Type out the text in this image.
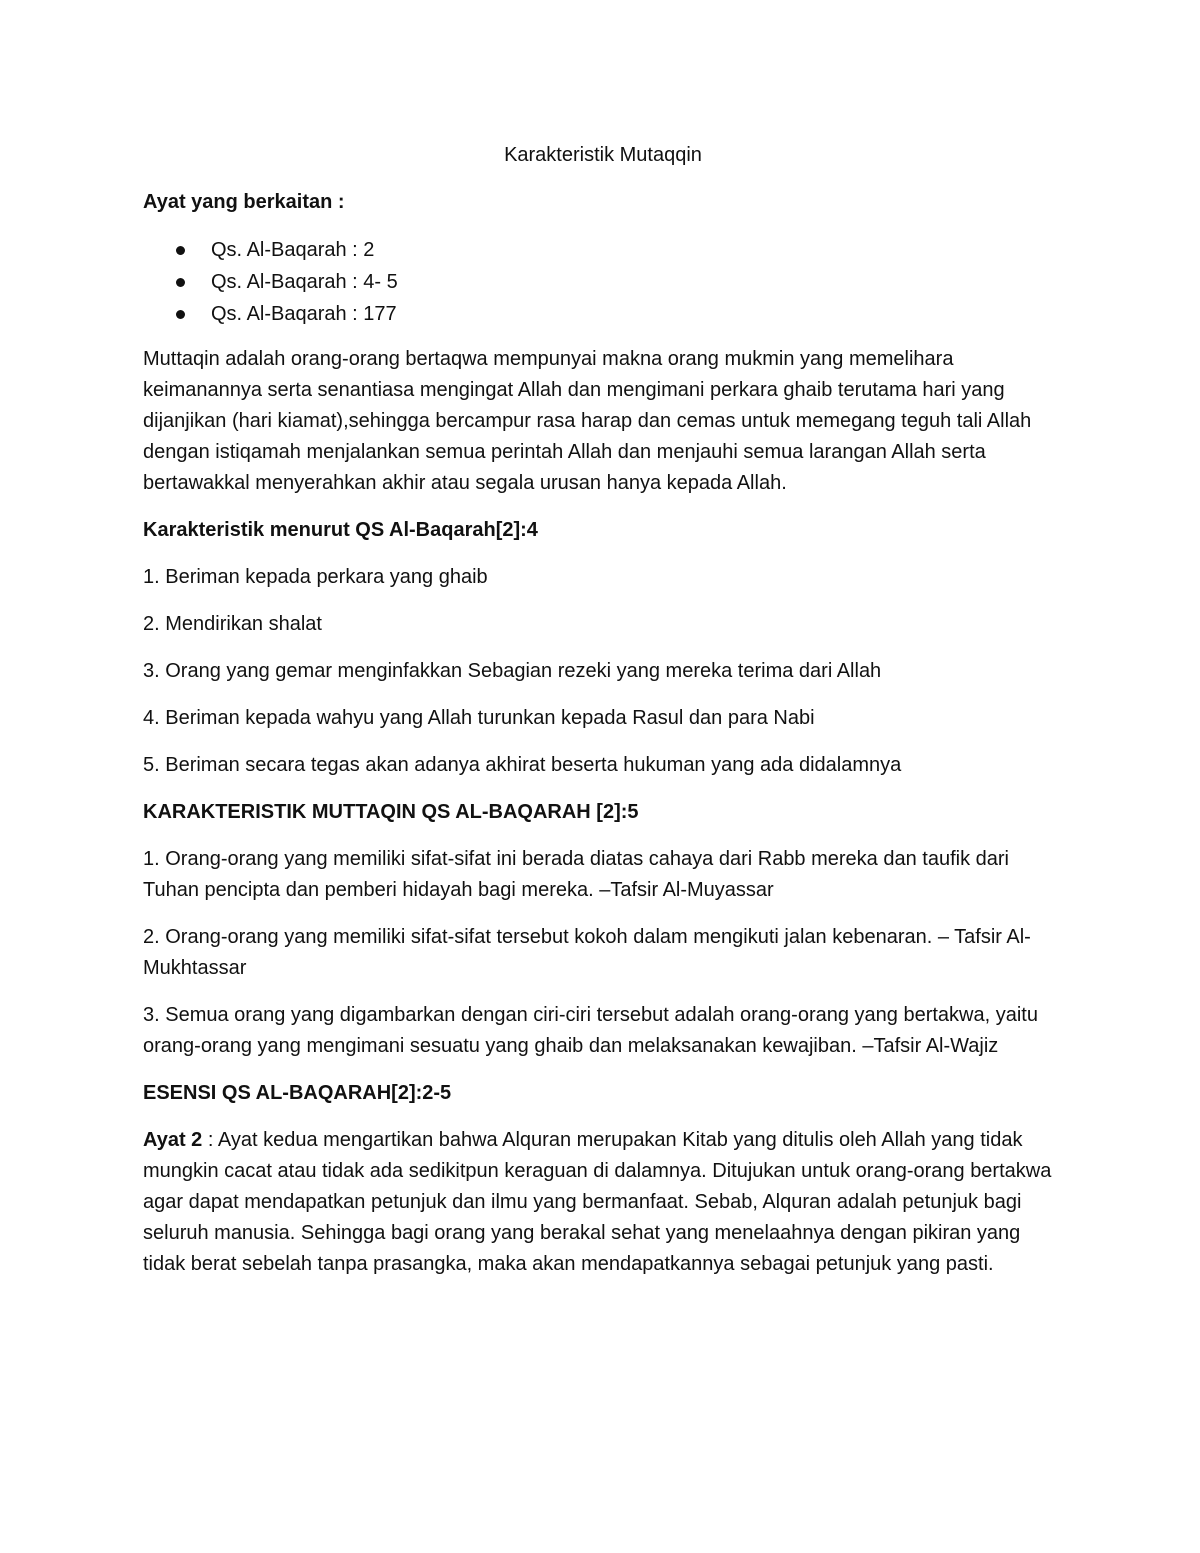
Karakteristik Mutaqqin
Ayat yang berkaitan :
Qs. Al-Baqarah : 2
Qs. Al-Baqarah : 4- 5
Qs. Al-Baqarah : 177

Muttaqin adalah orang-orang bertaqwa mempunyai makna orang mukmin yang memelihara keimanannya serta senantiasa mengingat Allah dan mengimani perkara ghaib terutama hari yang dijanjikan (hari kiamat),sehingga bercampur rasa harap dan cemas untuk memegang teguh tali Allah dengan istiqamah menjalankan semua perintah Allah dan menjauhi semua larangan Allah serta bertawakkal menyerahkan akhir atau segala urusan hanya kepada Allah.

Karakteristik menurut QS Al-Baqarah[2]:4

1. Beriman kepada perkara yang ghaib

2. Mendirikan shalat

3. Orang yang gemar menginfakkan Sebagian rezeki yang mereka terima dari Allah

4. Beriman kepada wahyu yang Allah turunkan kepada Rasul dan para Nabi

5. Beriman secara tegas akan adanya akhirat beserta hukuman yang ada didalamnya

KARAKTERISTIK MUTTAQIN QS AL-BAQARAH [2]:5

1. Orang-orang yang memiliki sifat-sifat ini berada diatas cahaya dari Rabb mereka dan taufik dari Tuhan pencipta dan pemberi hidayah bagi mereka. –Tafsir Al-Muyassar

2. Orang-orang yang memiliki sifat-sifat tersebut kokoh dalam mengikuti jalan kebenaran. – Tafsir Al-Mukhtassar

3. Semua orang yang digambarkan dengan ciri-ciri tersebut adalah orang-orang yang bertakwa, yaitu orang-orang yang mengimani sesuatu yang ghaib dan melaksanakan kewajiban. –Tafsir Al-Wajiz

ESENSI QS AL-BAQARAH[2]:2-5

Ayat 2 : Ayat kedua mengartikan bahwa Alquran merupakan Kitab yang ditulis oleh Allah yang tidak mungkin cacat atau tidak ada sedikitpun keraguan di dalamnya. Ditujukan untuk orang-orang bertakwa agar dapat mendapatkan petunjuk dan ilmu yang bermanfaat. Sebab, Alquran adalah petunjuk bagi seluruh manusia. Sehingga bagi orang yang berakal sehat yang menelaahnya dengan pikiran yang tidak berat sebelah tanpa prasangka, maka akan mendapatkannya sebagai petunjuk yang pasti.
